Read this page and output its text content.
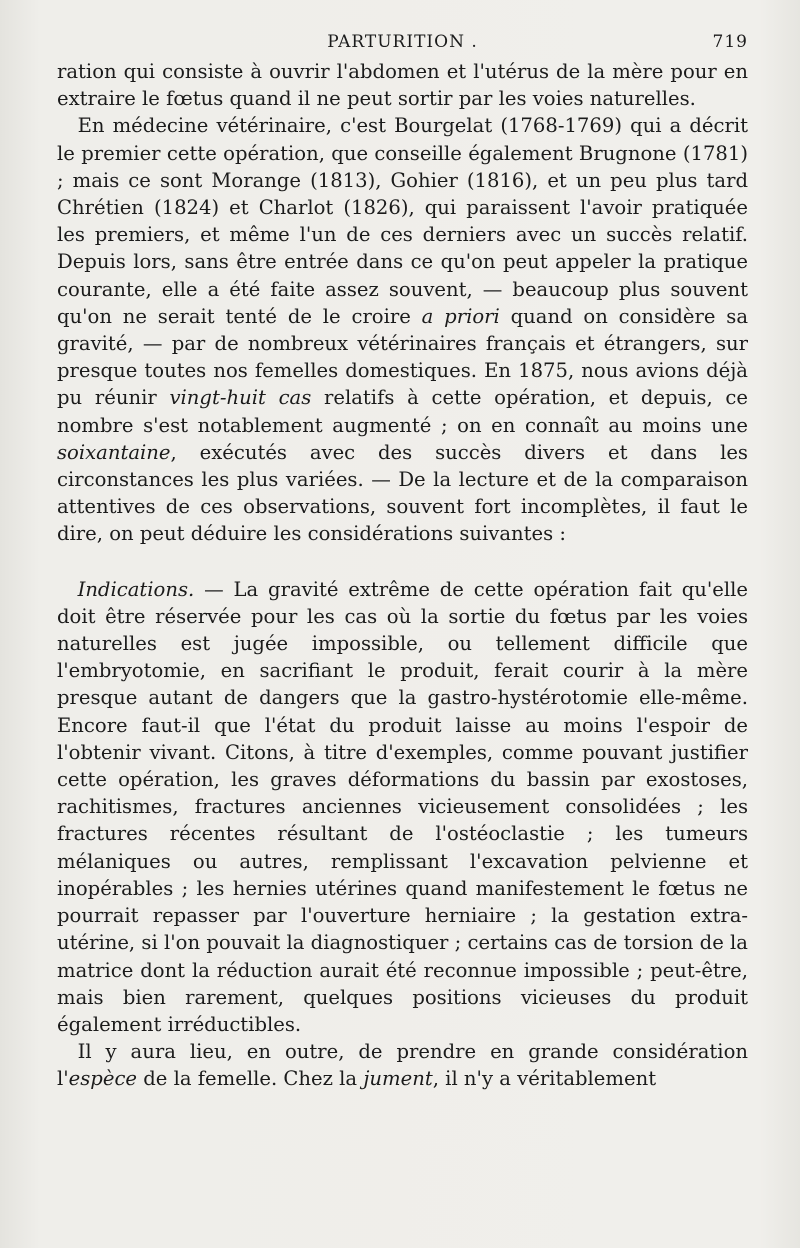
PARTURITION .	719

ration qui consiste à ouvrir l'abdomen et l'utérus de la mère pour en extraire le fœtus quand il ne peut sortir par les voies naturelles.

En médecine vétérinaire, c'est Bourgelat (1768-1769) qui a décrit le premier cette opération, que conseille également Brugnone (1781) ; mais ce sont Morange (1813), Gohier (1816), et un peu plus tard Chrétien (1824) et Charlot (1826), qui paraissent l'avoir pratiquée les premiers, et même l'un de ces derniers avec un succès relatif. Depuis lors, sans être entrée dans ce qu'on peut appeler la pratique courante, elle a été faite assez souvent, — beaucoup plus souvent qu'on ne serait tenté de le croire a priori quand on considère sa gravité, — par de nombreux vétérinaires français et étrangers, sur presque toutes nos femelles domestiques. En 1875, nous avions déjà pu réunir vingt-huit cas relatifs à cette opération, et depuis, ce nombre s'est notablement augmenté ; on en connaît au moins une soixantaine, exécutés avec des succès divers et dans les circonstances les plus variées. — De la lecture et de la comparaison attentives de ces observations, souvent fort incomplètes, il faut le dire, on peut déduire les considérations suivantes :

Indications. — La gravité extrême de cette opération fait qu'elle doit être réservée pour les cas où la sortie du fœtus par les voies naturelles est jugée impossible, ou tellement difficile que l'embryotomie, en sacrifiant le produit, ferait courir à la mère presque autant de dangers que la gastro-hystérotomie elle-même. Encore faut-il que l'état du produit laisse au moins l'espoir de l'obtenir vivant. Citons, à titre d'exemples, comme pouvant justifier cette opération, les graves déformations du bassin par exostoses, rachitismes, fractures anciennes vicieusement consolidées ; les fractures récentes résultant de l'ostéoclastie ; les tumeurs mélaniques ou autres, remplissant l'excavation pelvienne et inopérables ; les hernies utérines quand manifestement le fœtus ne pourrait repasser par l'ouverture herniaire ; la gestation extra-utérine, si l'on pouvait la diagnostiquer ; certains cas de torsion de la matrice dont la réduction aurait été reconnue impossible ; peut-être, mais bien rarement, quelques positions vicieuses du produit également irréductibles.

Il y aura lieu, en outre, de prendre en grande considération l'espèce de la femelle. Chez la jument, il n'y a véritablement
